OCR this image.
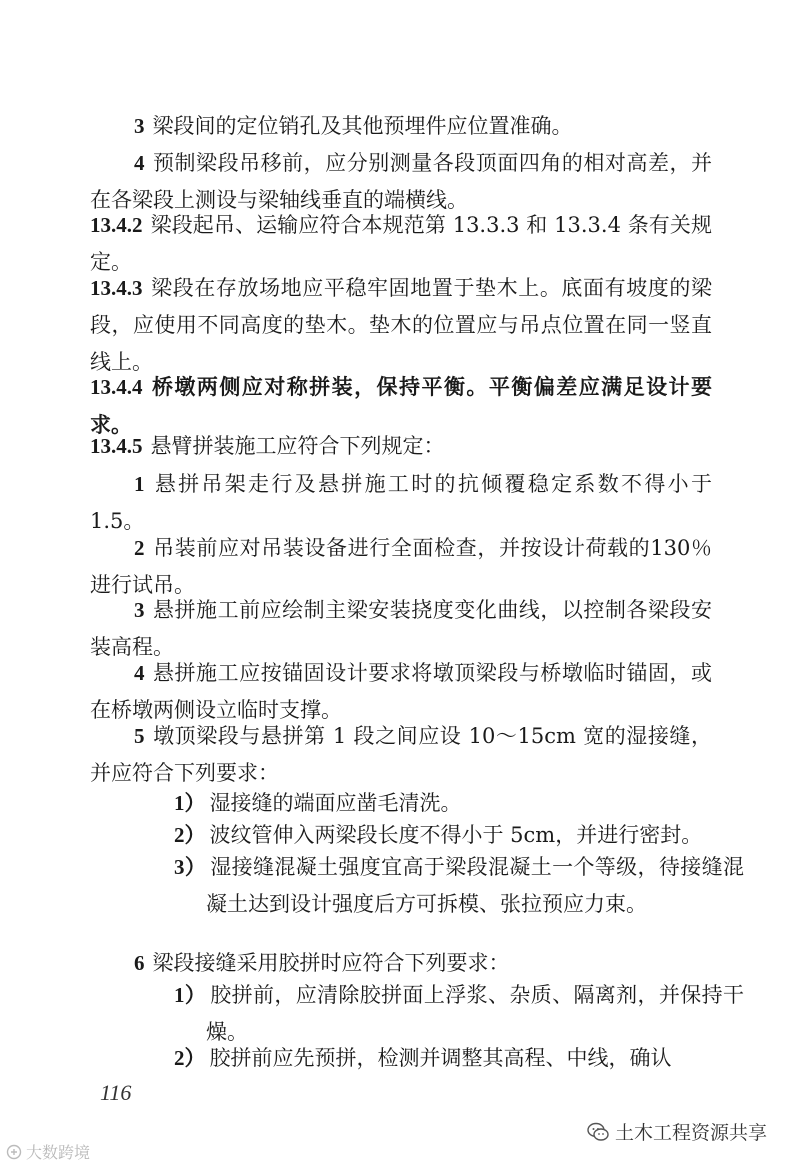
3 梁段间的定位销孔及其他预埋件应位置准确。

4 预制梁段吊移前，应分别测量各段顶面四角的相对高差，并在各梁段上测设与梁轴线垂直的端横线。

13.4.2 梁段起吊、运输应符合本规范第 13.3.3 和 13.3.4 条有关规定。

13.4.3 梁段在存放场地应平稳牢固地置于垫木上。底面有坡度的梁段，应使用不同高度的垫木。垫木的位置应与吊点位置在同一竖直线上。

13.4.4 桥墩两侧应对称拼装，保持平衡。平衡偏差应满足设计要求。

13.4.5 悬臂拼装施工应符合下列规定：

1 悬拼吊架走行及悬拼施工时的抗倾覆稳定系数不得小于 1.5。

2 吊装前应对吊装设备进行全面检查，并按设计荷载的130％进行试吊。

3 悬拼施工前应绘制主梁安装挠度变化曲线，以控制各梁段安装高程。

4 悬拼施工应按锚固设计要求将墩顶梁段与桥墩临时锚固，或在桥墩两侧设立临时支撑。

5 墩顶梁段与悬拼第 1 段之间应设 10～15cm 宽的湿接缝，并应符合下列要求：

1） 湿接缝的端面应凿毛清洗。

2） 波纹管伸入两梁段长度不得小于 5cm，并进行密封。

3） 湿接缝混凝土强度宜高于梁段混凝土一个等级，待接缝混凝土达到设计强度后方可拆模、张拉预应力束。

6 梁段接缝采用胶拼时应符合下列要求：

1） 胶拼前，应清除胶拼面上浮浆、杂质、隔离剂，并保持干燥。

2） 胶拼前应先预拼，检测并调整其高程、中线，确认

116
土木工程资源共享
大数跨境
